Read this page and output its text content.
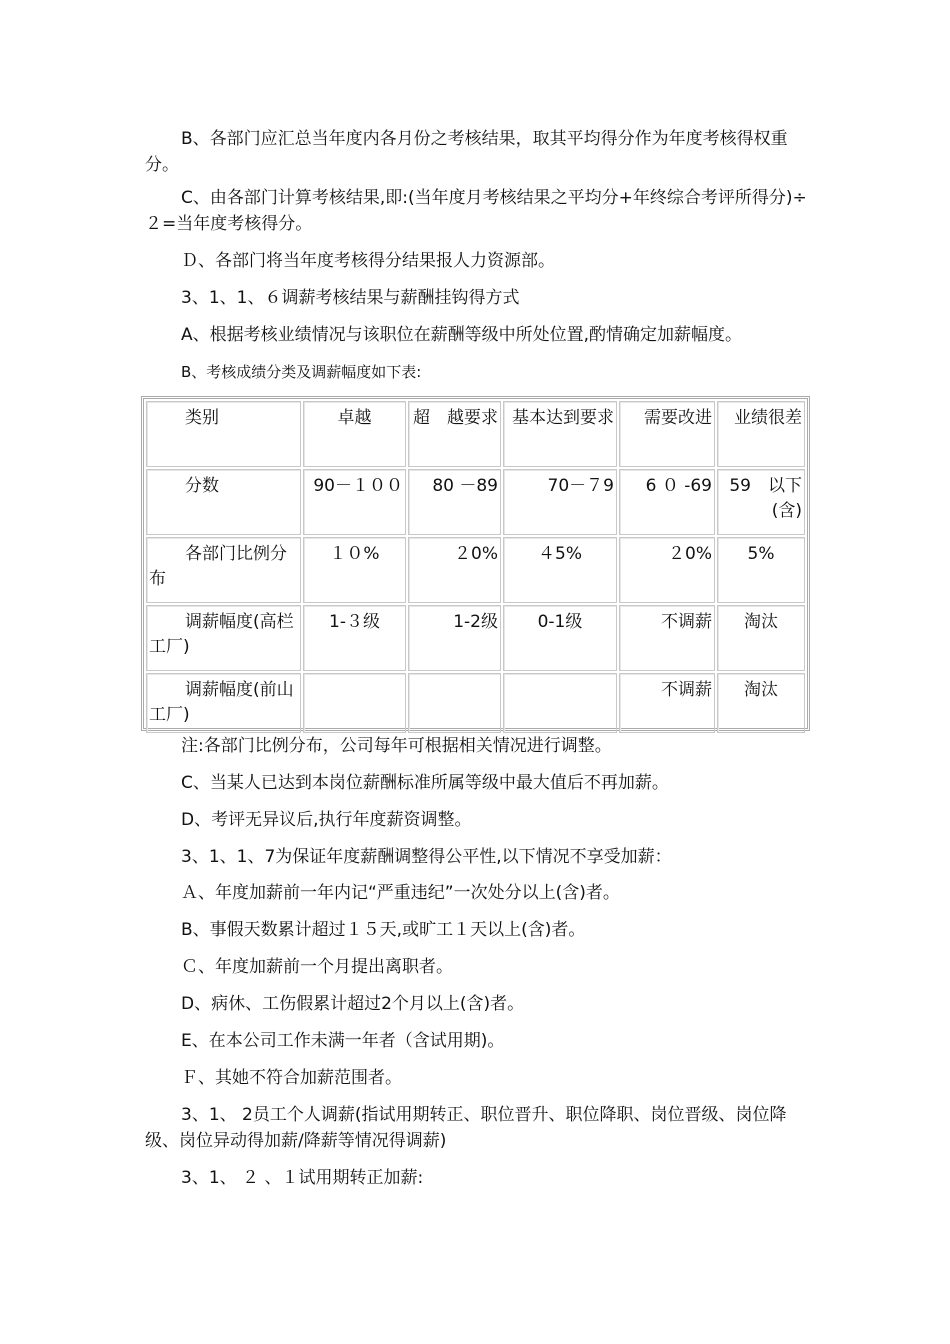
B、各部门应汇总当年度内各月份之考核结果，取其平均得分作为年度考核得权重分。
C、由各部门计算考核结果,即:(当年度月考核结果之平均分+年终综合考评所得分)÷２=当年度考核得分。
Ｄ、各部门将当年度考核得分结果报人力资源部。
3、1、1、６调薪考核结果与薪酬挂钩得方式
A、根据考核业绩情况与该职位在薪酬等级中所处位置,酌情确定加薪幅度。
B、考核成绩分类及调薪幅度如下表:
类别	卓越	超　越要求	基本达到要求	需要改进	业绩很差
分数	90－１００	80 －89	70－７9	6 ０ -69	59　以下(含)
各部门比例分布	１０%	２0%	４5%	２0%	5%
调薪幅度(高栏工厂)	1-３级	1-2级	0-1级	不调薪	淘汰
调薪幅度(前山工厂)				不调薪	淘汰
注:各部门比例分布，公司每年可根据相关情况进行调整。
C、当某人已达到本岗位薪酬标准所属等级中最大值后不再加薪。
D、考评无异议后,执行年度薪资调整。
3、1、1、7为保证年度薪酬调整得公平性,以下情况不享受加薪：
Ａ、年度加薪前一年内记“严重违纪”一次处分以上(含)者。
B、事假天数累计超过１５天,或旷工１天以上(含)者。
Ｃ、年度加薪前一个月提出离职者。
D、病休、工伤假累计超过2个月以上(含)者。
E、在本公司工作未满一年者（含试用期)。
Ｆ、其她不符合加薪范围者。
3、1、 2员工个人调薪(指试用期转正、职位晋升、职位降职、岗位晋级、岗位降级、岗位异动得加薪/降薪等情况得调薪)
3、1、 ２ 、１试用期转正加薪:
